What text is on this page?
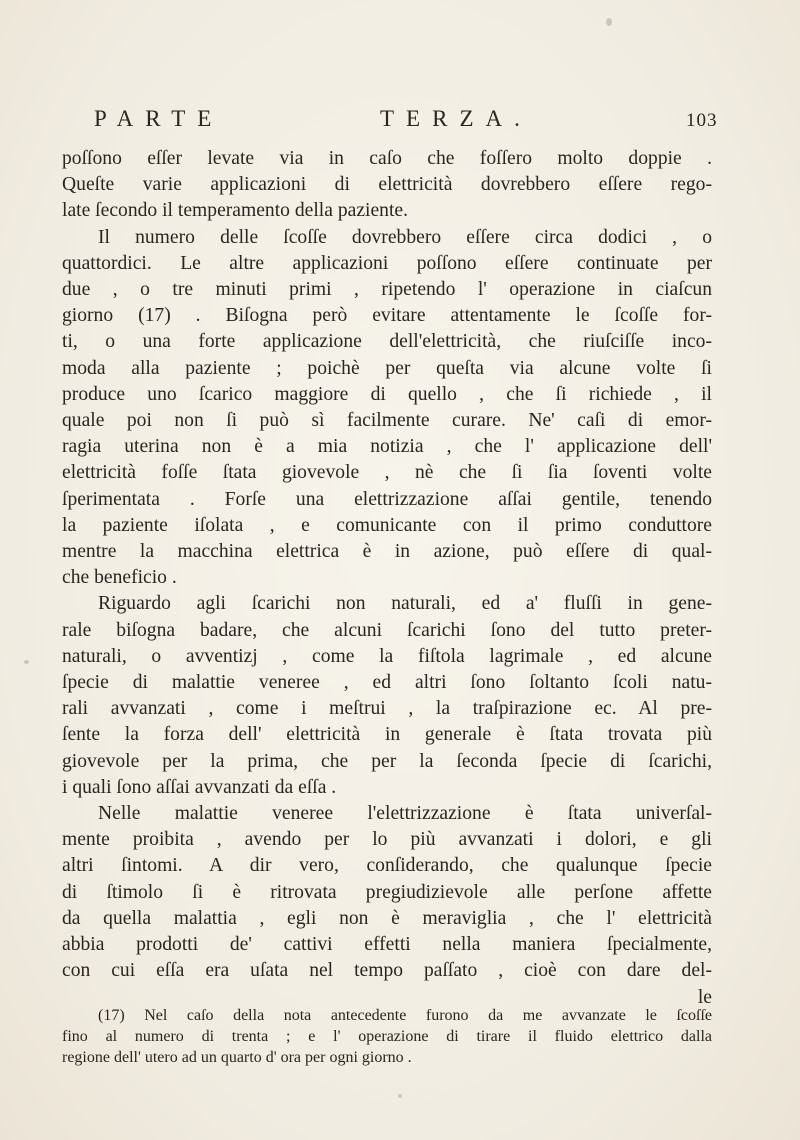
PARTE	TERZA.	103

poſſono eſſer levate via in caſo che foſſero molto doppie .
Queſte varie applicazioni di elettricità dovrebbero eſſere rego-
late ſecondo il temperamento della paziente.

Il numero delle ſcoſſe dovrebbero eſſere circa dodici , o
quattordici. Le altre applicazioni poſſono eſſere continuate per
due , o tre minuti primi , ripetendo l' operazione in ciaſcun
giorno (17) . Biſogna però evitare attentamente le ſcoſſe for-
ti, o una forte applicazione dell'elettricità, che riuſciſſe inco-
moda alla paziente ; poichè per queſta via alcune volte ſi
produce uno ſcarico maggiore di quello , che ſi richiede , il
quale poi non ſi può sì facilmente curare. Ne' caſi di emor-
ragia uterina non è a mia notizia , che l' applicazione dell'
elettricità foſſe ſtata giovevole , nè che ſi ſia ſoventi volte
ſperimentata . Forſe una elettrizzazione aſſai gentile, tenendo
la paziente iſolata , e comunicante con il primo conduttore
mentre la macchina elettrica è in azione, può eſſere di qual-
che beneficio .

Riguardo agli ſcarichi non naturali, ed a' fluſſi in gene-
rale biſogna badare, che alcuni ſcarichi ſono del tutto preter-
naturali, o avventizj , come la fiſtola lagrimale , ed alcune
ſpecie di malattie veneree , ed altri ſono ſoltanto ſcoli natu-
rali avvanzati , come i meſtrui , la traſpirazione ec. Al pre-
ſente la forza dell' elettricità in generale è ſtata trovata più
giovevole per la prima, che per la ſeconda ſpecie di ſcarichi,
i quali ſono aſſai avvanzati da eſſa .

Nelle malattie veneree l'elettrizzazione è ſtata univerſal-
mente proibita , avendo per lo più avvanzati i dolori, e gli
altri ſintomi. A dir vero, conſiderando, che qualunque ſpecie
di ſtimolo ſi è ritrovata pregiudizievole alle perſone affette
da quella malattia , egli non è meraviglia , che l' elettricità
abbia prodotti de' cattivi effetti nella maniera ſpecialmente,
con cui eſſa era uſata nel tempo paſſato , cioè con dare del-
le

(17) Nel caſo della nota antecedente furono da me avvanzate le ſcoſſe
fino al numero di trenta ; e l' operazione di tirare il fluido elettrico dalla
regione dell' utero ad un quarto d' ora per ogni giorno .
